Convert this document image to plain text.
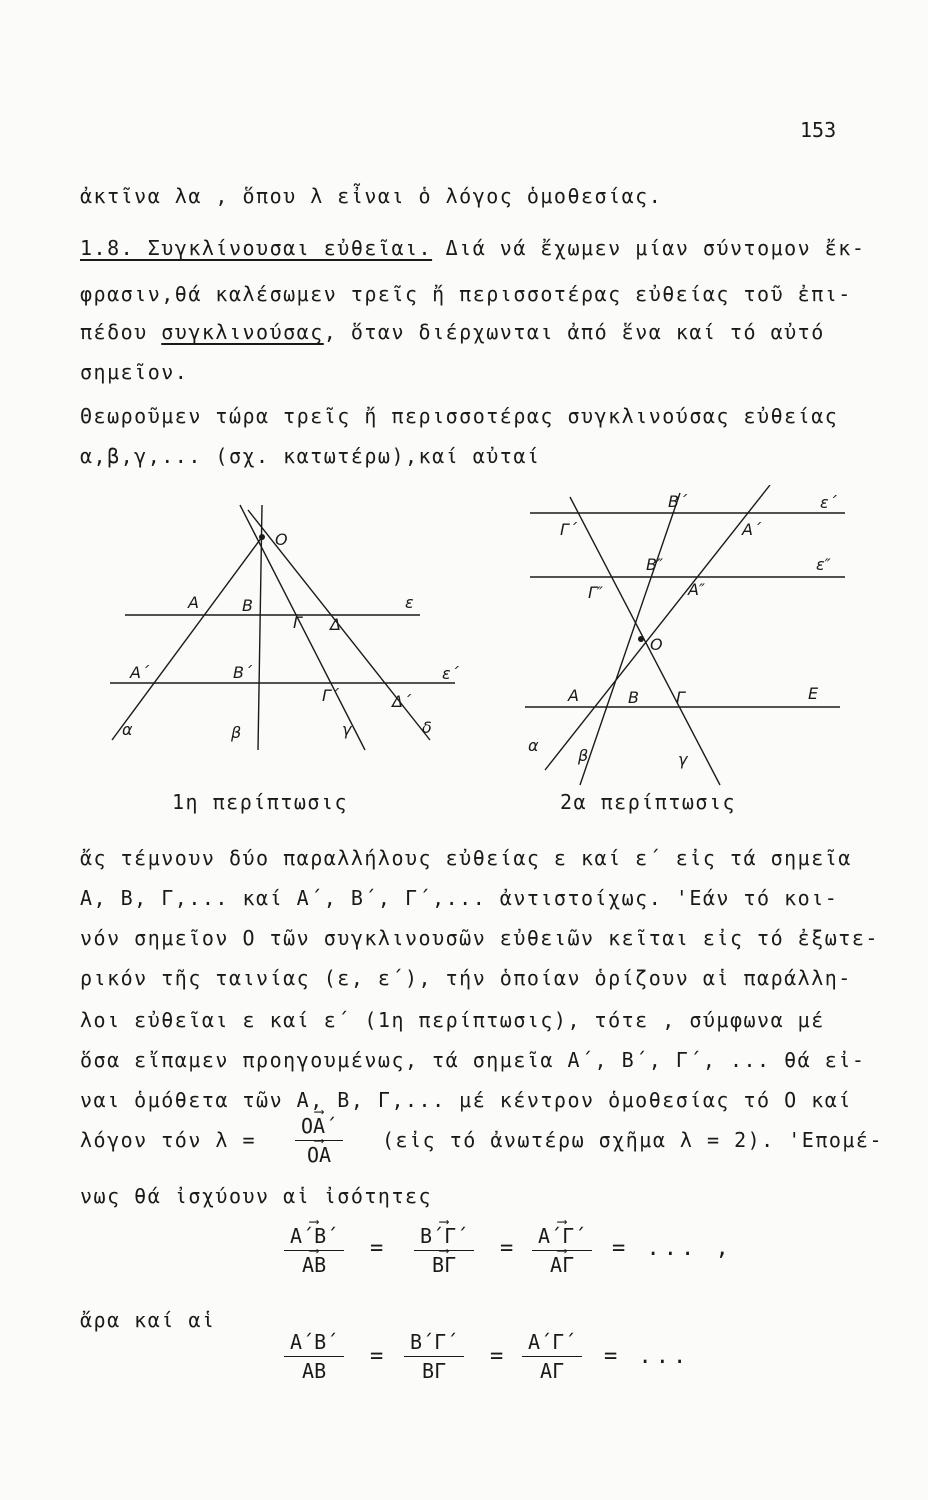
153
ἀκτῖνα λα , ὅπου λ εἶναι ὁ λόγος ὁμοθεσίας.
1.8. Συγκλίνουσαι εὐθεῖαι. Διά νά ἔχωμεν μίαν σύντομον ἔκ-
φρασιν,θά καλέσωμεν τρεῖς ἤ περισσοτέρας εὐθείας τοῦ ἐπι-
πέδου συγκλινούσας, ὅταν διέρχωνται ἀπό ἕνα καί τό αὐτό
σημεῖον.
Θεωροῦμεν τώρα τρεῖς ἤ περισσοτέρας συγκλινούσας εὐθείας
α,β,γ,... (σχ. κατωτέρω),καί αὐταί
Ο
Α	Β
Γ Δ
ε
Α΄	Β΄
Γ΄	Δ΄
ε΄
α	β	γ	δ
Β΄	ε΄
Γ΄	Α΄
Β″	ε″
Γ″	Α″
Ο
Α	Β Γ	Ε
α
β	γ
1η περίπτωσις	2α περίπτωσις
ἄς τέμνουν δύο παραλλήλους εὐθείας ε καί ε΄ εἰς τά σημεῖα
Α, Β, Γ,... καί Α΄, Β΄, Γ΄,... ἀντιστοίχως. 'Εάν τό κοι-
νόν σημεῖον Ο τῶν συγκλινουσῶν εὐθειῶν κεῖται εἰς τό ἐξωτε-
ρικόν τῆς ταινίας (ε, ε΄), τήν ὁποίαν ὁρίζουν αἱ παράλλη-
λοι εὐθεῖαι ε καί ε΄ (1η περίπτωσις), τότε , σύμφωνα μέ
ὅσα εἴπαμεν προηγουμένως, τά σημεῖα Α΄, Β΄, Γ΄, ... θά εἰ-
ναι ὁμόθετα τῶν Α, Β, Γ,... μέ κέντρον ὁμοθεσίας τό Ο καί
λόγον τόν λ = ⟶ ΟΑ΄
⟶ ΟΑ (εἰς τό ἀνωτέρω σχῆμα λ = 2). 'Επομέ-
νως θά ἰσχύουν αἱ ἰσότητες
⟶ Α΄Β΄
⟶ ΑΒ = ⟶ Β΄Γ΄
⟶ ΒΓ = ⟶ Α΄Γ΄
⟶ ΑΓ = ... ,
ἄρα καί αἱ
$\frac{A΄B΄}{AB} = \frac{B΄\Gamma΄}{B\Gamma} = \frac{A΄\Gamma΄}{A\Gamma}$ = ...
